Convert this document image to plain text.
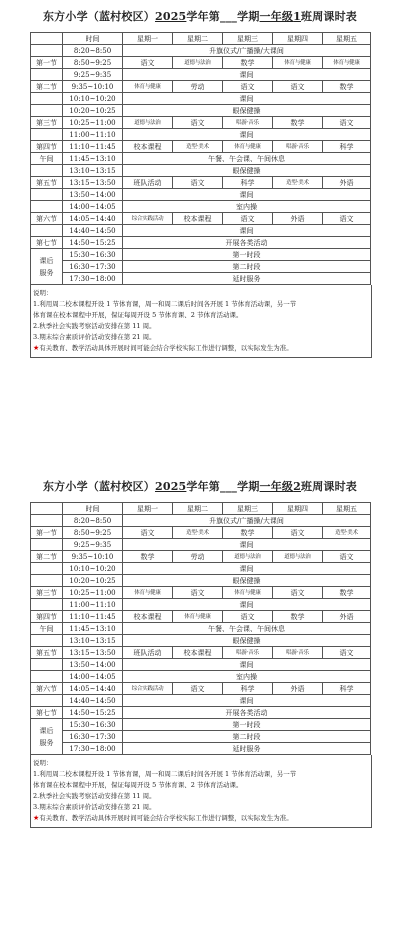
东方小学（蓝村校区）2025学年第___学期一年级1班周课时表
	时间	星期一	星期二	星期三	星期四	星期五
	8:20~8:50	升旗仪式/广播操/大课间				
第一节	8:50~9:25	语文	道德与法治	数学	体育与健康	体育与健康
	9:25~9:35	课间				
第二节	9:35~10:10	体育与健康	劳动	语文	语文	数学
	10:10~10:20	课间				
	10:20~10:25	眼保健操				
第三节	10:25~11:00	道德与法治	语文	唱游·音乐	数学	语文
	11:00~11:10	课间				
第四节	11:10~11:45	校本课程	造型·美术	体育与健康	唱游·音乐	科学
午间	11:45~13:10	午餐、午会课、午间休息				
	13:10~13:15	眼保健操				
第五节	13:15~13:50	班队活动	语文	科学	造型·美术	外语
	13:50~14:00	课间				
	14:00~14:05	室内操				
第六节	14:05~14:40	综合实践活动	校本课程	语文	外语	语文
	14:40~14:50	课间				
第七节	14:50~15:25	开展各类活动				

课后
服务	15:30~16:30	第一时段				
	16:30~17:30	第二时段				
	17:30~18:00	延时服务				

说明：

1.利用周二校本课程开设 1 节体育课，周一和周二课后时间各开展 1 节体育活动课，另一节

体育课在校本课程中开展，保证每周开设 5 节体育课、2 节体育活动课。

2.秋季社会实践考察活动安排在第 11 周。

3.期末综合素质评价活动安排在第 21 周。

★有关教育、教学活动具体开展时间可能会结合学校实际工作进行调整，以实际发生为准。

东方小学（蓝村校区）2025学年第___学期一年级2班周课时表
	时间	星期一	星期二	星期三	星期四	星期五
	8:20~8:50	升旗仪式/广播操/大课间				
第一节	8:50~9:25	语文	造型·美术	数学	语文	造型·美术
	9:25~9:35	课间				
第二节	9:35~10:10	数学	劳动	道德与法治	道德与法治	语文
	10:10~10:20	课间				
	10:20~10:25	眼保健操				
第三节	10:25~11:00	体育与健康	语文	体育与健康	语文	数学
	11:00~11:10	课间				
第四节	11:10~11:45	校本课程	体育与健康	语文	数学	外语
午间	11:45~13:10	午餐、午会课、午间休息				
	13:10~13:15	眼保健操				
第五节	13:15~13:50	班队活动	校本课程	唱游·音乐	唱游·音乐	语文
	13:50~14:00	课间				
	14:00~14:05	室内操				
第六节	14:05~14:40	综合实践活动	语文	科学	外语	科学
	14:40~14:50	课间				
第七节	14:50~15:25	开展各类活动				

课后
服务	15:30~16:30	第一时段				
	16:30~17:30	第二时段				
	17:30~18:00	延时服务				

说明：

1.利用周二校本课程开设 1 节体育课，周一和周二课后时间各开展 1 节体育活动课，另一节

体育课在校本课程中开展，保证每周开设 5 节体育课、2 节体育活动课。

2.秋季社会实践考察活动安排在第 11 周。

3.期末综合素质评价活动安排在第 21 周。

★有关教育、教学活动具体开展时间可能会结合学校实际工作进行调整，以实际发生为准。
